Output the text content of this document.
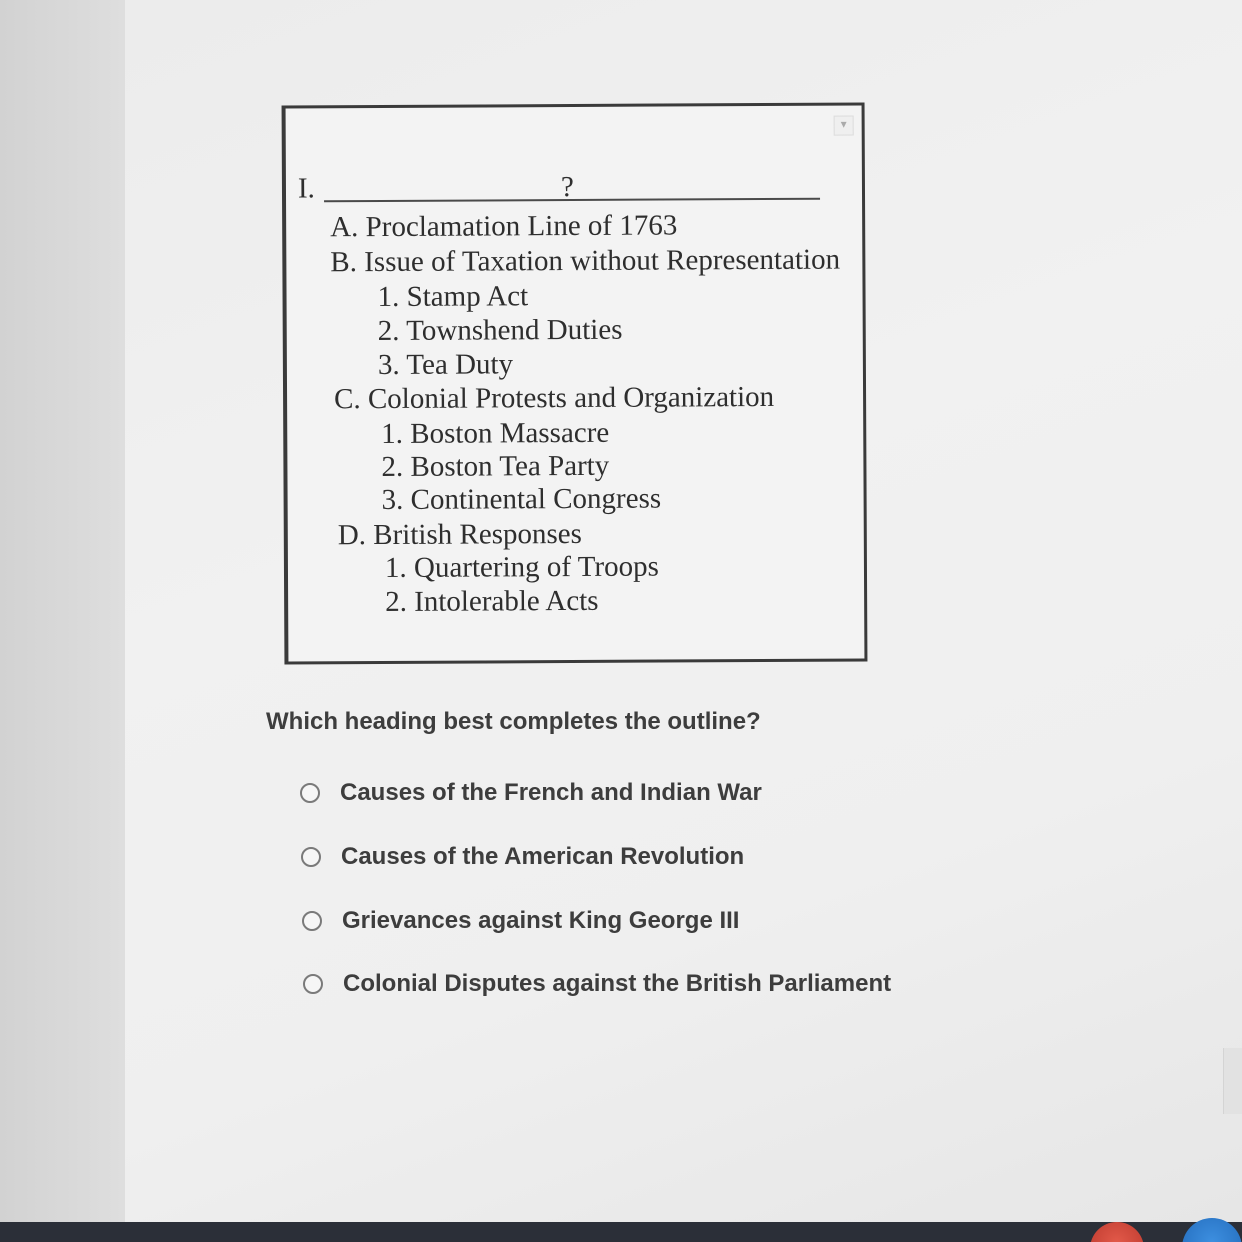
▼
I.	?
A. Proclamation Line of 1763
B. Issue of Taxation without Representation
1. Stamp Act
2. Townshend Duties
3. Tea Duty
C. Colonial Protests and Organization
1. Boston Massacre
2. Boston Tea Party
3. Continental Congress
D. British Responses
1. Quartering of Troops
2. Intolerable Acts
Which heading best completes the outline?
Causes of the French and Indian War
Causes of the American Revolution
Grievances against King George III
Colonial Disputes against the British Parliament
